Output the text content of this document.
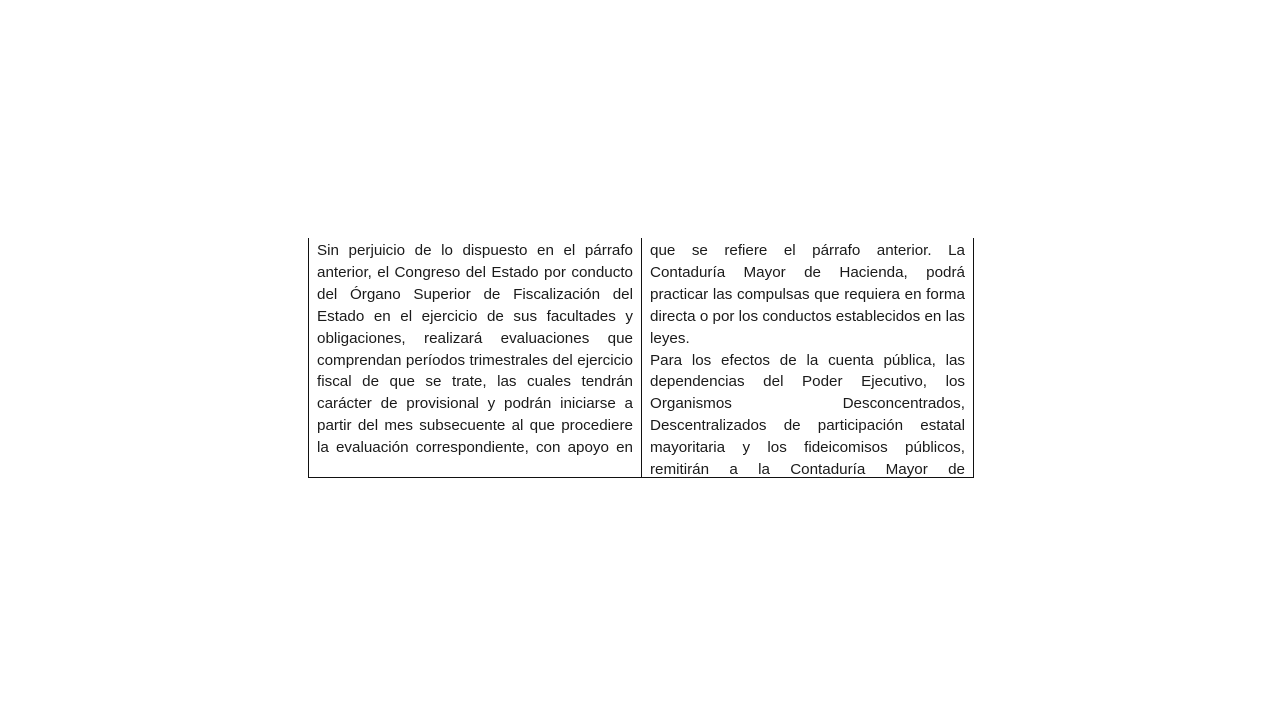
Sin perjuicio de lo dispuesto en el párrafo anterior, el Congreso del Estado por conducto del Órgano Superior de Fiscalización del Estado en el ejercicio de sus facultades y obligaciones, realizará evaluaciones que comprendan períodos trimestrales del ejercicio fiscal de que se trate, las cuales tendrán carácter de provisional y podrán iniciarse a partir del mes subsecuente al que procediere la evaluación correspondiente, con apoyo en

que se refiere el párrafo anterior. La Contaduría Mayor de Hacienda, podrá practicar las compulsas que requiera en forma directa o por los conductos establecidos en las leyes.

Para los efectos de la cuenta pública, las dependencias del Poder Ejecutivo, los Organismos Desconcentrados, Descentralizados de participación estatal mayoritaria y los fideicomisos públicos, remitirán a la Contaduría Mayor de
